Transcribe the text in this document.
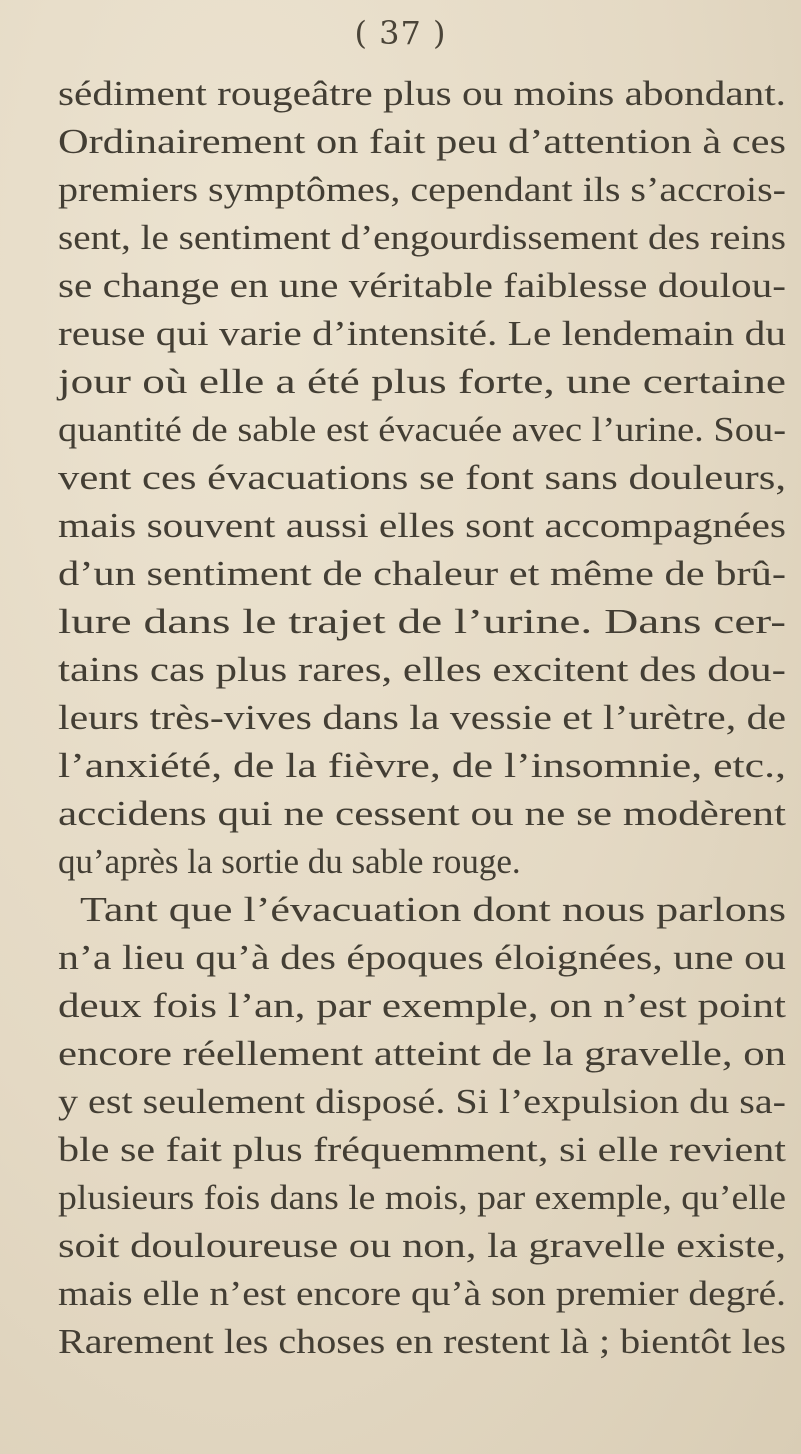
( 37 )
sédiment rougeâtre plus ou moins abondant.
Ordinairement on fait peu d’attention à ces
premiers symptômes, cependant ils s’accrois-
sent, le sentiment d’engourdissement des reins
se change en une véritable faiblesse doulou-
reuse qui varie d’intensité. Le lendemain du
jour où elle a été plus forte, une certaine
quantité de sable est évacuée avec l’urine. Sou-
vent ces évacuations se font sans douleurs,
mais souvent aussi elles sont accompagnées
d’un sentiment de chaleur et même de brû-
lure dans le trajet de l’urine. Dans cer-
tains cas plus rares, elles excitent des dou-
leurs très-vives dans la vessie et l’urètre, de
l’anxiété, de la fièvre, de l’insomnie, etc.,
accidens qui ne cessent ou ne se modèrent
qu’après la sortie du sable rouge.
Tant que l’évacuation dont nous parlons
n’a lieu qu’à des époques éloignées, une ou
deux fois l’an, par exemple, on n’est point
encore réellement atteint de la gravelle, on
y est seulement disposé. Si l’expulsion du sa-
ble se fait plus fréquemment, si elle revient
plusieurs fois dans le mois, par exemple, qu’elle
soit douloureuse ou non, la gravelle existe,
mais elle n’est encore qu’à son premier degré.
Rarement les choses en restent là ; bientôt les
